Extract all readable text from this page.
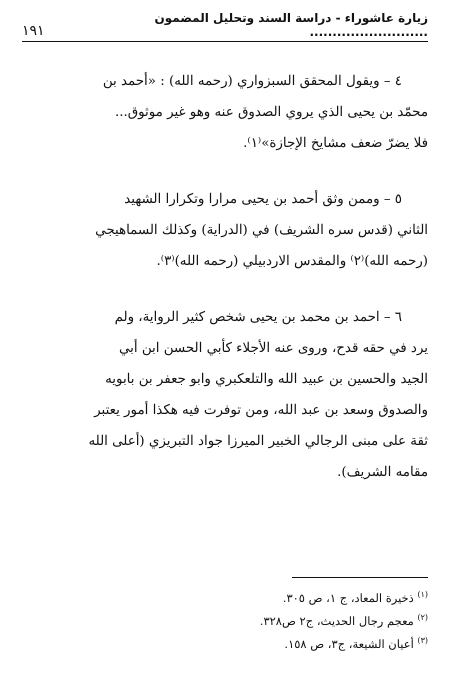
زيارة عاشوراء - دراسة السند وتحليل المضمون ..........................
١٩١

٤ – ويقول المحقق السبزواري (رحمه الله) : «أحمد بن

محمّد بن يحيى الذي يروي الصدوق عنه وهو غير موثوق...

فلا يضرّ ضعف مشايخ الإجازة»⁽١⁾.

٥ – وممن وثق أحمد بن يحيى مرارا وتكرارا الشهيد

الثاني (قدس سره الشريف) في (الدراية) وكذلك السماهيجي

(رحمه الله)⁽٢⁾ والمقدس الاردبيلي (رحمه الله)⁽٣⁾.

٦ – احمد بن محمد بن يحيى شخص كثير الرواية، ولم

يرد في حقه قدح، وروى عنه الأجلاء كأبي الحسن ابن أبي

الجيد والحسين بن عبيد الله والتلعكبري وابو جعفر بن بابويه

والصدوق وسعد بن عبد الله، ومن توفرت فيه هكذا أمور يعتبر

ثقة على مبنى الرجالي الخبير الميرزا جواد التبريزي (أعلى الله

مقامه الشريف).

$^{(١)}$ ذخيرة المعاد، ج ١، ص ٣٠٥.

$^{(٢)}$ معجم رجال الحديث، ج٢ ص٣٢٨.

$^{(٣)}$ أعيان الشيعة، ج٣، ص ١٥٨.
